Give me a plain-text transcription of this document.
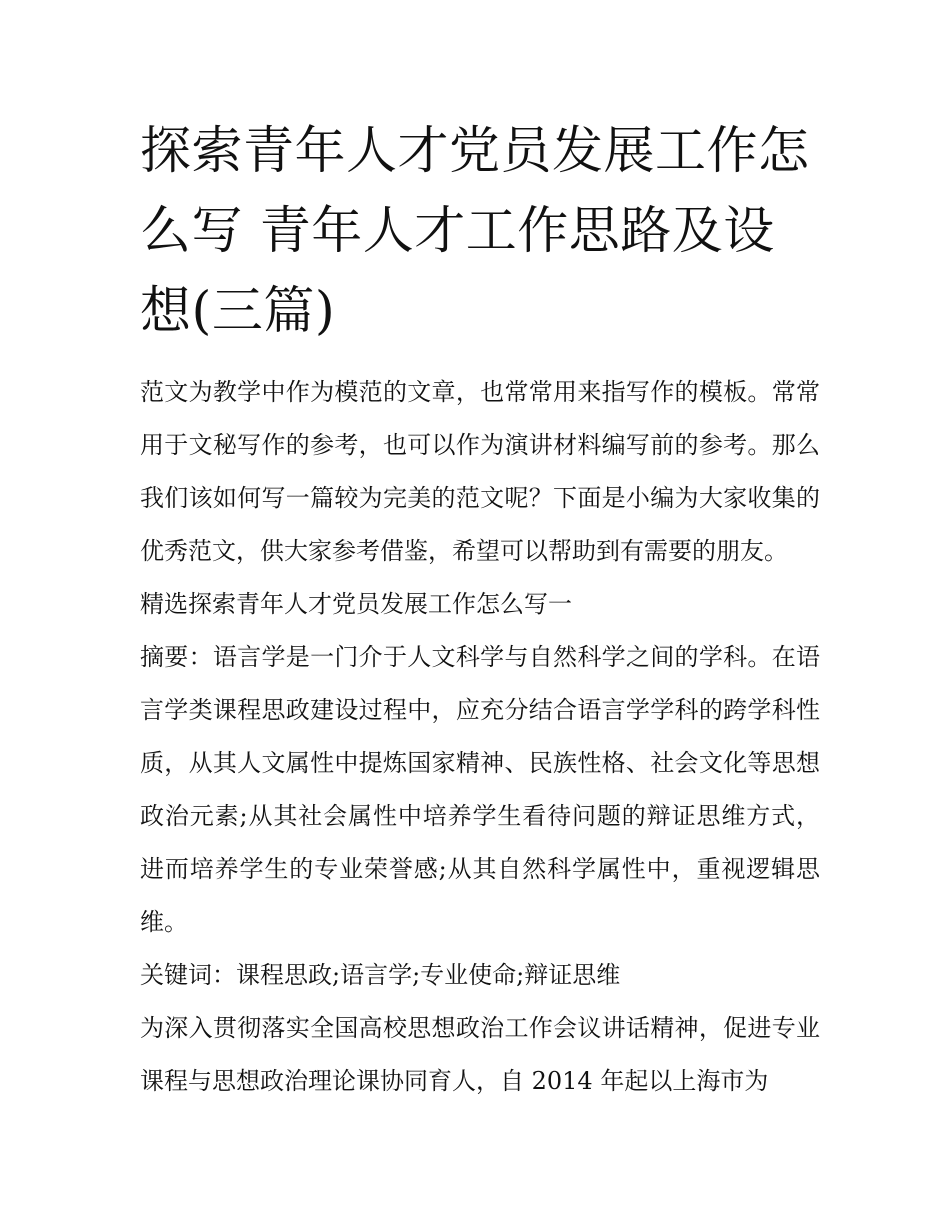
探索青年人才党员发展工作怎么写 青年人才工作思路及设想(三篇)

范文为教学中作为模范的文章，也常常用来指写作的模板。常常用于文秘写作的参考，也可以作为演讲材料编写前的参考。那么我们该如何写一篇较为完美的范文呢？下面是小编为大家收集的优秀范文，供大家参考借鉴，希望可以帮助到有需要的朋友。

精选探索青年人才党员发展工作怎么写一

摘要：语言学是一门介于人文科学与自然科学之间的学科。在语言学类课程思政建设过程中，应充分结合语言学学科的跨学科性质，从其人文属性中提炼国家精神、民族性格、社会文化等思想政治元素;从其社会属性中培养学生看待问题的辩证思维方式，进而培养学生的专业荣誉感;从其自然科学属性中，重视逻辑思维。

关键词：课程思政;语言学;专业使命;辩证思维

为深入贯彻落实全国高校思想政治工作会议讲话精神，促进专业课程与思想政治理论课协同育人，自 2014 年起以上海市为
